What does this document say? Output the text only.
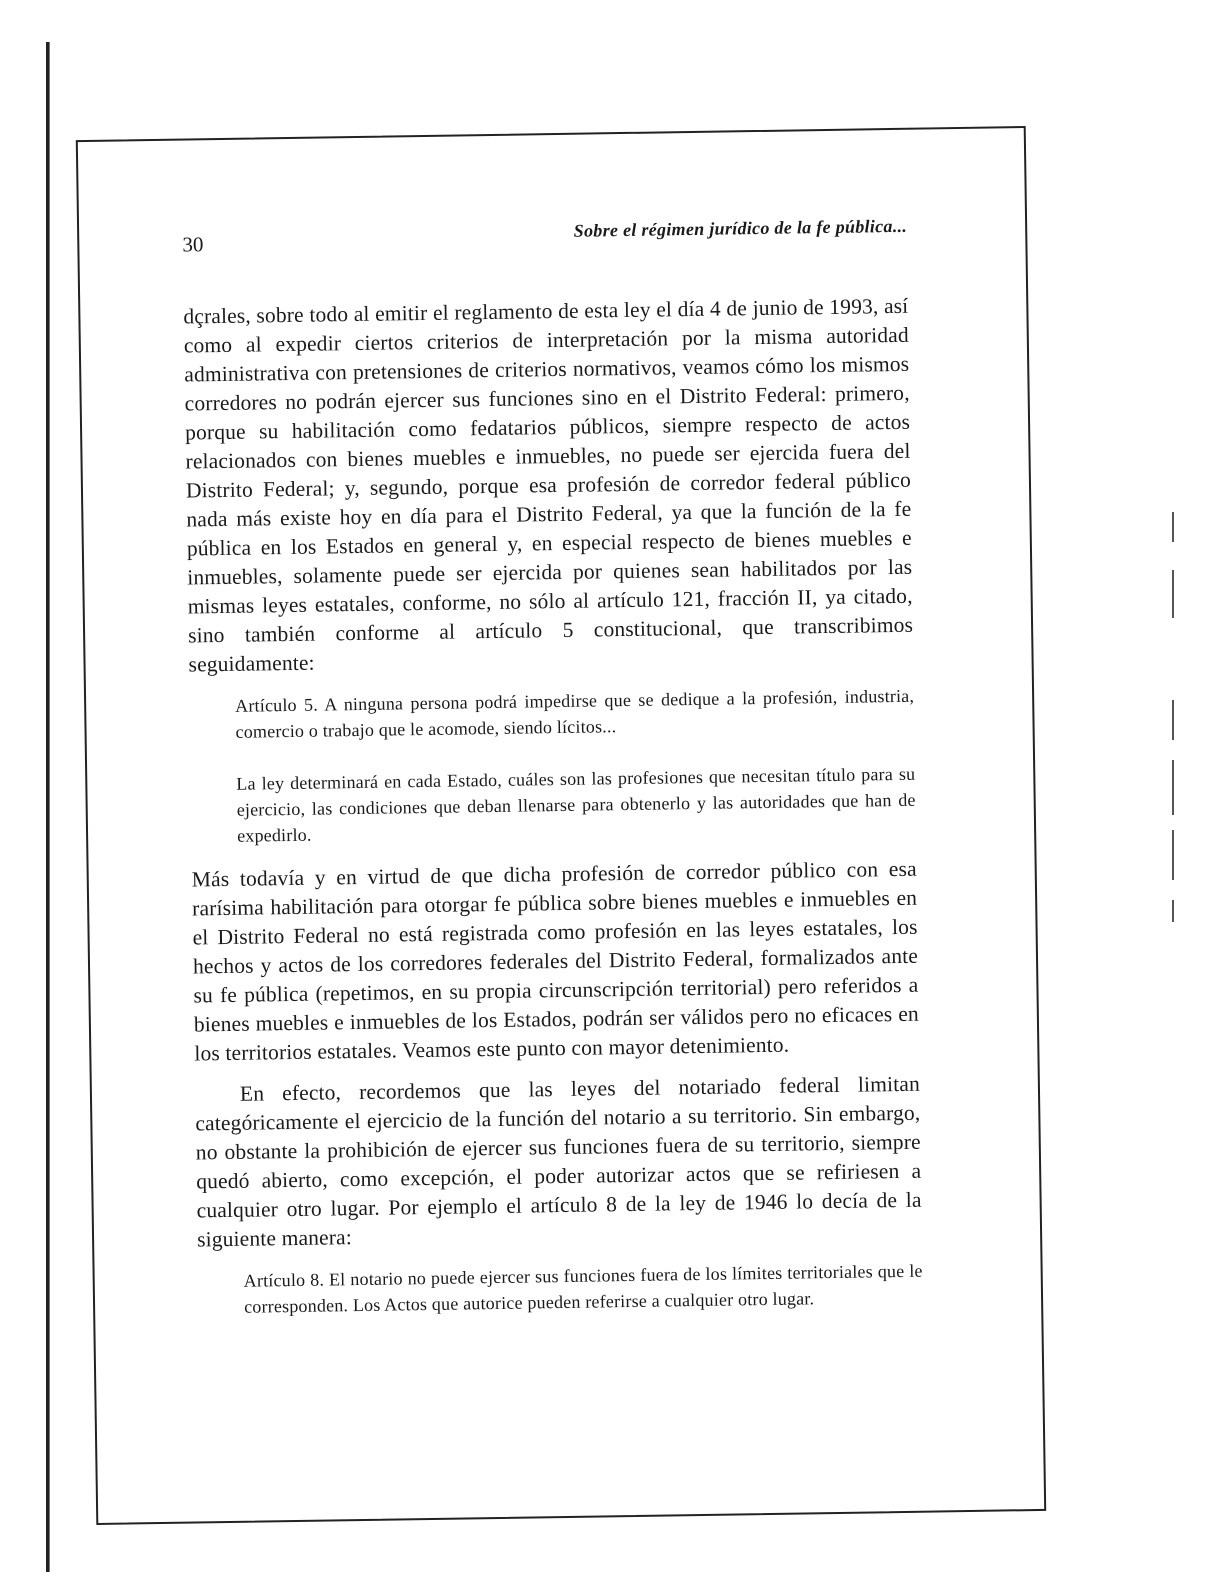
30
Sobre el régimen jurídico de la fe pública...

dçrales, sobre todo al emitir el reglamento de esta ley el día 4 de junio de 1993, así como al expedir ciertos criterios de interpretación por la misma autoridad administrativa con pretensiones de criterios normativos, veamos cómo los mismos corredores no podrán ejercer sus funciones sino en el Distrito Federal: primero, porque su habilitación como fedatarios públicos, siempre respecto de actos relacionados con bienes muebles e inmuebles, no puede ser ejercida fuera del Distrito Federal; y, segundo, porque esa profesión de corredor federal público nada más existe hoy en día para el Distrito Federal, ya que la función de la fe pública en los Estados en general y, en especial respecto de bienes muebles e inmuebles, solamente puede ser ejercida por quienes sean habilitados por las mismas leyes estatales, conforme, no sólo al artículo 121, fracción II, ya citado, sino también conforme al artículo 5 constitucional, que transcribimos seguidamente:

Artículo 5. A ninguna persona podrá impedirse que se dedique a la profesión, industria, comercio o trabajo que le acomode, siendo lícitos...

La ley determinará en cada Estado, cuáles son las profesiones que necesitan título para su ejercicio, las condiciones que deban llenarse para obtenerlo y las autoridades que han de expedirlo.

Más todavía y en virtud de que dicha profesión de corredor público con esa rarísima habilitación para otorgar fe pública sobre bienes muebles e inmuebles en el Distrito Federal no está registrada como profesión en las leyes estatales, los hechos y actos de los corredores federales del Distrito Federal, formalizados ante su fe pública (repetimos, en su propia circunscripción territorial) pero referidos a bienes muebles e inmuebles de los Estados, podrán ser válidos pero no eficaces en los territorios estatales. Veamos este punto con mayor detenimiento.

En efecto, recordemos que las leyes del notariado federal limitan categóricamente el ejercicio de la función del notario a su territorio. Sin embargo, no obstante la prohibición de ejercer sus funciones fuera de su territorio, siempre quedó abierto, como excepción, el poder autorizar actos que se refiriesen a cualquier otro lugar. Por ejemplo el artículo 8 de la ley de 1946 lo decía de la siguiente manera:

Artículo 8. El notario no puede ejercer sus funciones fuera de los límites territoriales que le corresponden. Los Actos que autorice pueden referirse a cualquier otro lugar.
